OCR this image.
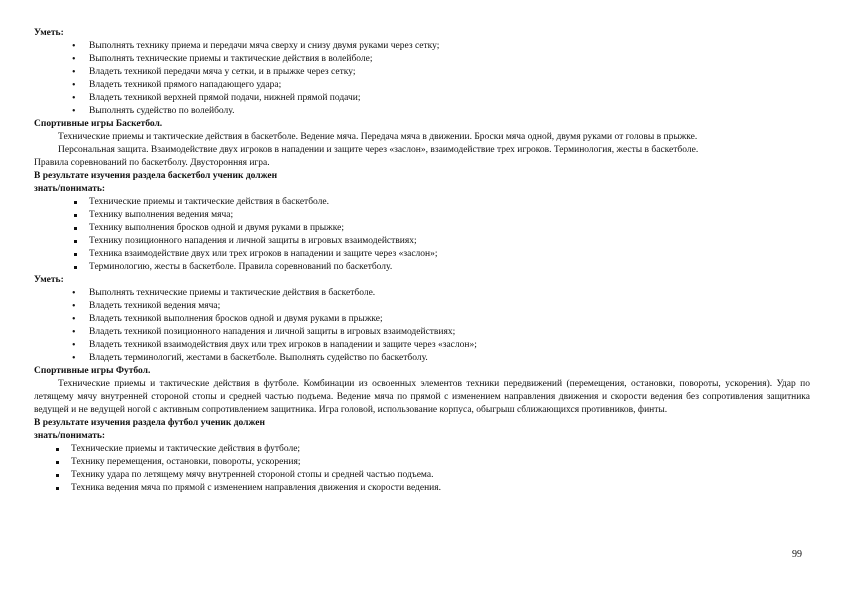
Уметь:

• Выполнять технику приема и передачи мяча сверху и снизу двумя руками через сетку;
• Выполнять технические приемы и тактические действия в волейболе;
• Владеть техникой передачи мяча у сетки, и в прыжке через сетку;
• Владеть техникой прямого нападающего удара;
• Владеть техникой верхней прямой подачи, нижней прямой подачи;
• Выполнять судейство по волейболу.

Спортивные игры Баскетбол.

Технические приемы и тактические действия в баскетболе. Ведение мяча. Передача мяча в движении. Броски мяча одной, двумя руками от головы в прыжке.

Персональная защита. Взаимодействие двух игроков в нападении и защите через «заслон», взаимодействие трех игроков. Терминология, жесты в баскетболе.

Правила соревнований по баскетболу. Двусторонняя игра.

В результате изучения раздела баскетбол ученик должен

знать/понимать:

Технические приемы и тактические действия в баскетболе.
Технику выполнения ведения мяча;
Технику выполнения бросков одной и двумя руками в прыжке;
Технику позиционного нападения и личной защиты в игровых взаимодействиях;
Техника взаимодействие двух или трех игроков в нападении и защите через «заслон»;
Терминологию, жесты в баскетболе. Правила соревнований по баскетболу.

Уметь:

• Выполнять технические приемы и тактические действия в баскетболе.
• Владеть техникой ведения мяча;
• Владеть техникой выполнения бросков одной и двумя руками в прыжке;
• Владеть техникой позиционного нападения и личной защиты в игровых взаимодействиях;
• Владеть техникой взаимодействия двух или трех игроков в нападении и защите через «заслон»;
• Владеть терминологий, жестами в баскетболе. Выполнять судейство по баскетболу.

Спортивные игры Футбол.

Технические приемы и тактические действия в футболе. Комбинации из освоенных элементов техники передвижений (перемещения, остановки, повороты, ускорения). Удар по летящему мячу внутренней стороной стопы и средней частью подъема. Ведение мяча по прямой с изменением направления движения и скорости ведения без сопротивления защитника ведущей и не ведущей ногой с активным сопротивлением защитника. Игра головой, использование корпуса, обыгрыш сближающихся противников, финты.

В результате изучения раздела футбол ученик должен

знать/понимать:

Технические приемы и тактические действия в футболе;
Технику перемещения, остановки, повороты, ускорения;
Технику удара по летящему мячу внутренней стороной стопы и средней частью подъема.
Техника ведения мяча по прямой с изменением направления движения и скорости ведения.
99
